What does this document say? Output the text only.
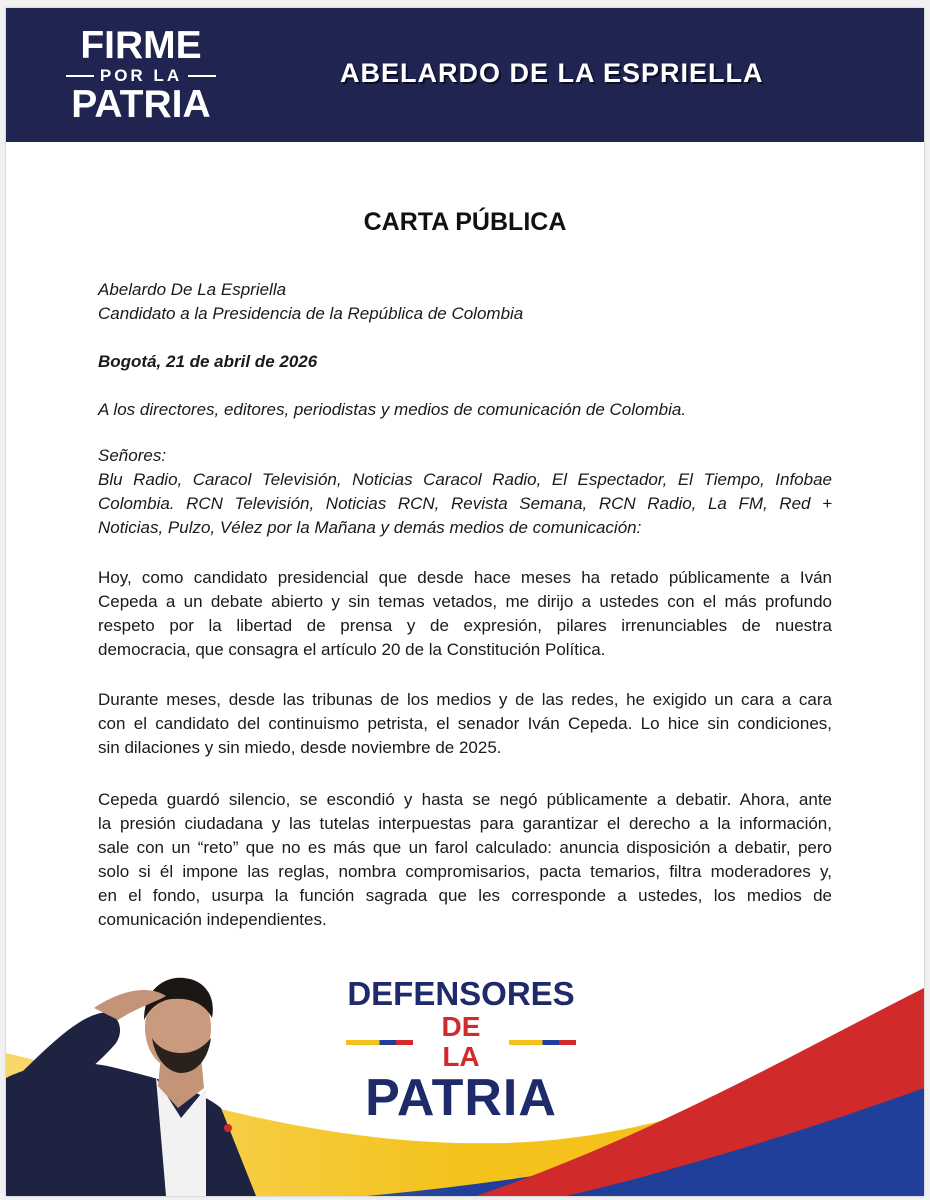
FIRME
POR LA
PATRIA
ABELARDO DE LA ESPRIELLA
CARTA PÚBLICA
Abelardo De La Espriella
Candidato a la Presidencia de la República de Colombia
Bogotá, 21 de abril de 2026
A los directores, editores, periodistas y medios de comunicación de Colombia.
Señores:
Blu Radio, Caracol Televisión, Noticias Caracol Radio, El Espectador, El Tiempo, Infobae
Colombia. RCN Televisión, Noticias RCN, Revista Semana, RCN Radio, La FM, Red +
Noticias, Pulzo, Vélez por la Mañana y demás medios de comunicación:
Hoy, como candidato presidencial que desde hace meses ha retado públicamente a Iván
Cepeda a un debate abierto y sin temas vetados, me dirijo a ustedes con el más profundo
respeto por la libertad de prensa y de expresión, pilares irrenunciables de nuestra
democracia, que consagra el artículo 20 de la Constitución Política.
Durante meses, desde las tribunas de los medios y de las redes, he exigido un cara a cara
con el candidato del continuismo petrista, el senador Iván Cepeda. Lo hice sin condiciones,
sin dilaciones y sin miedo, desde noviembre de 2025.
Cepeda guardó silencio, se escondió y hasta se negó públicamente a debatir. Ahora, ante
la presión ciudadana y las tutelas interpuestas para garantizar el derecho a la información,
sale con un “reto” que no es más que un farol calculado: anuncia disposición a debatir, pero
solo si él impone las reglas, nombra compromisarios, pacta temarios, filtra moderadores y,
en el fondo, usurpa la función sagrada que les corresponde a ustedes, los medios de
comunicación independientes.
DEFENSORES
DE LA
PATRIA
